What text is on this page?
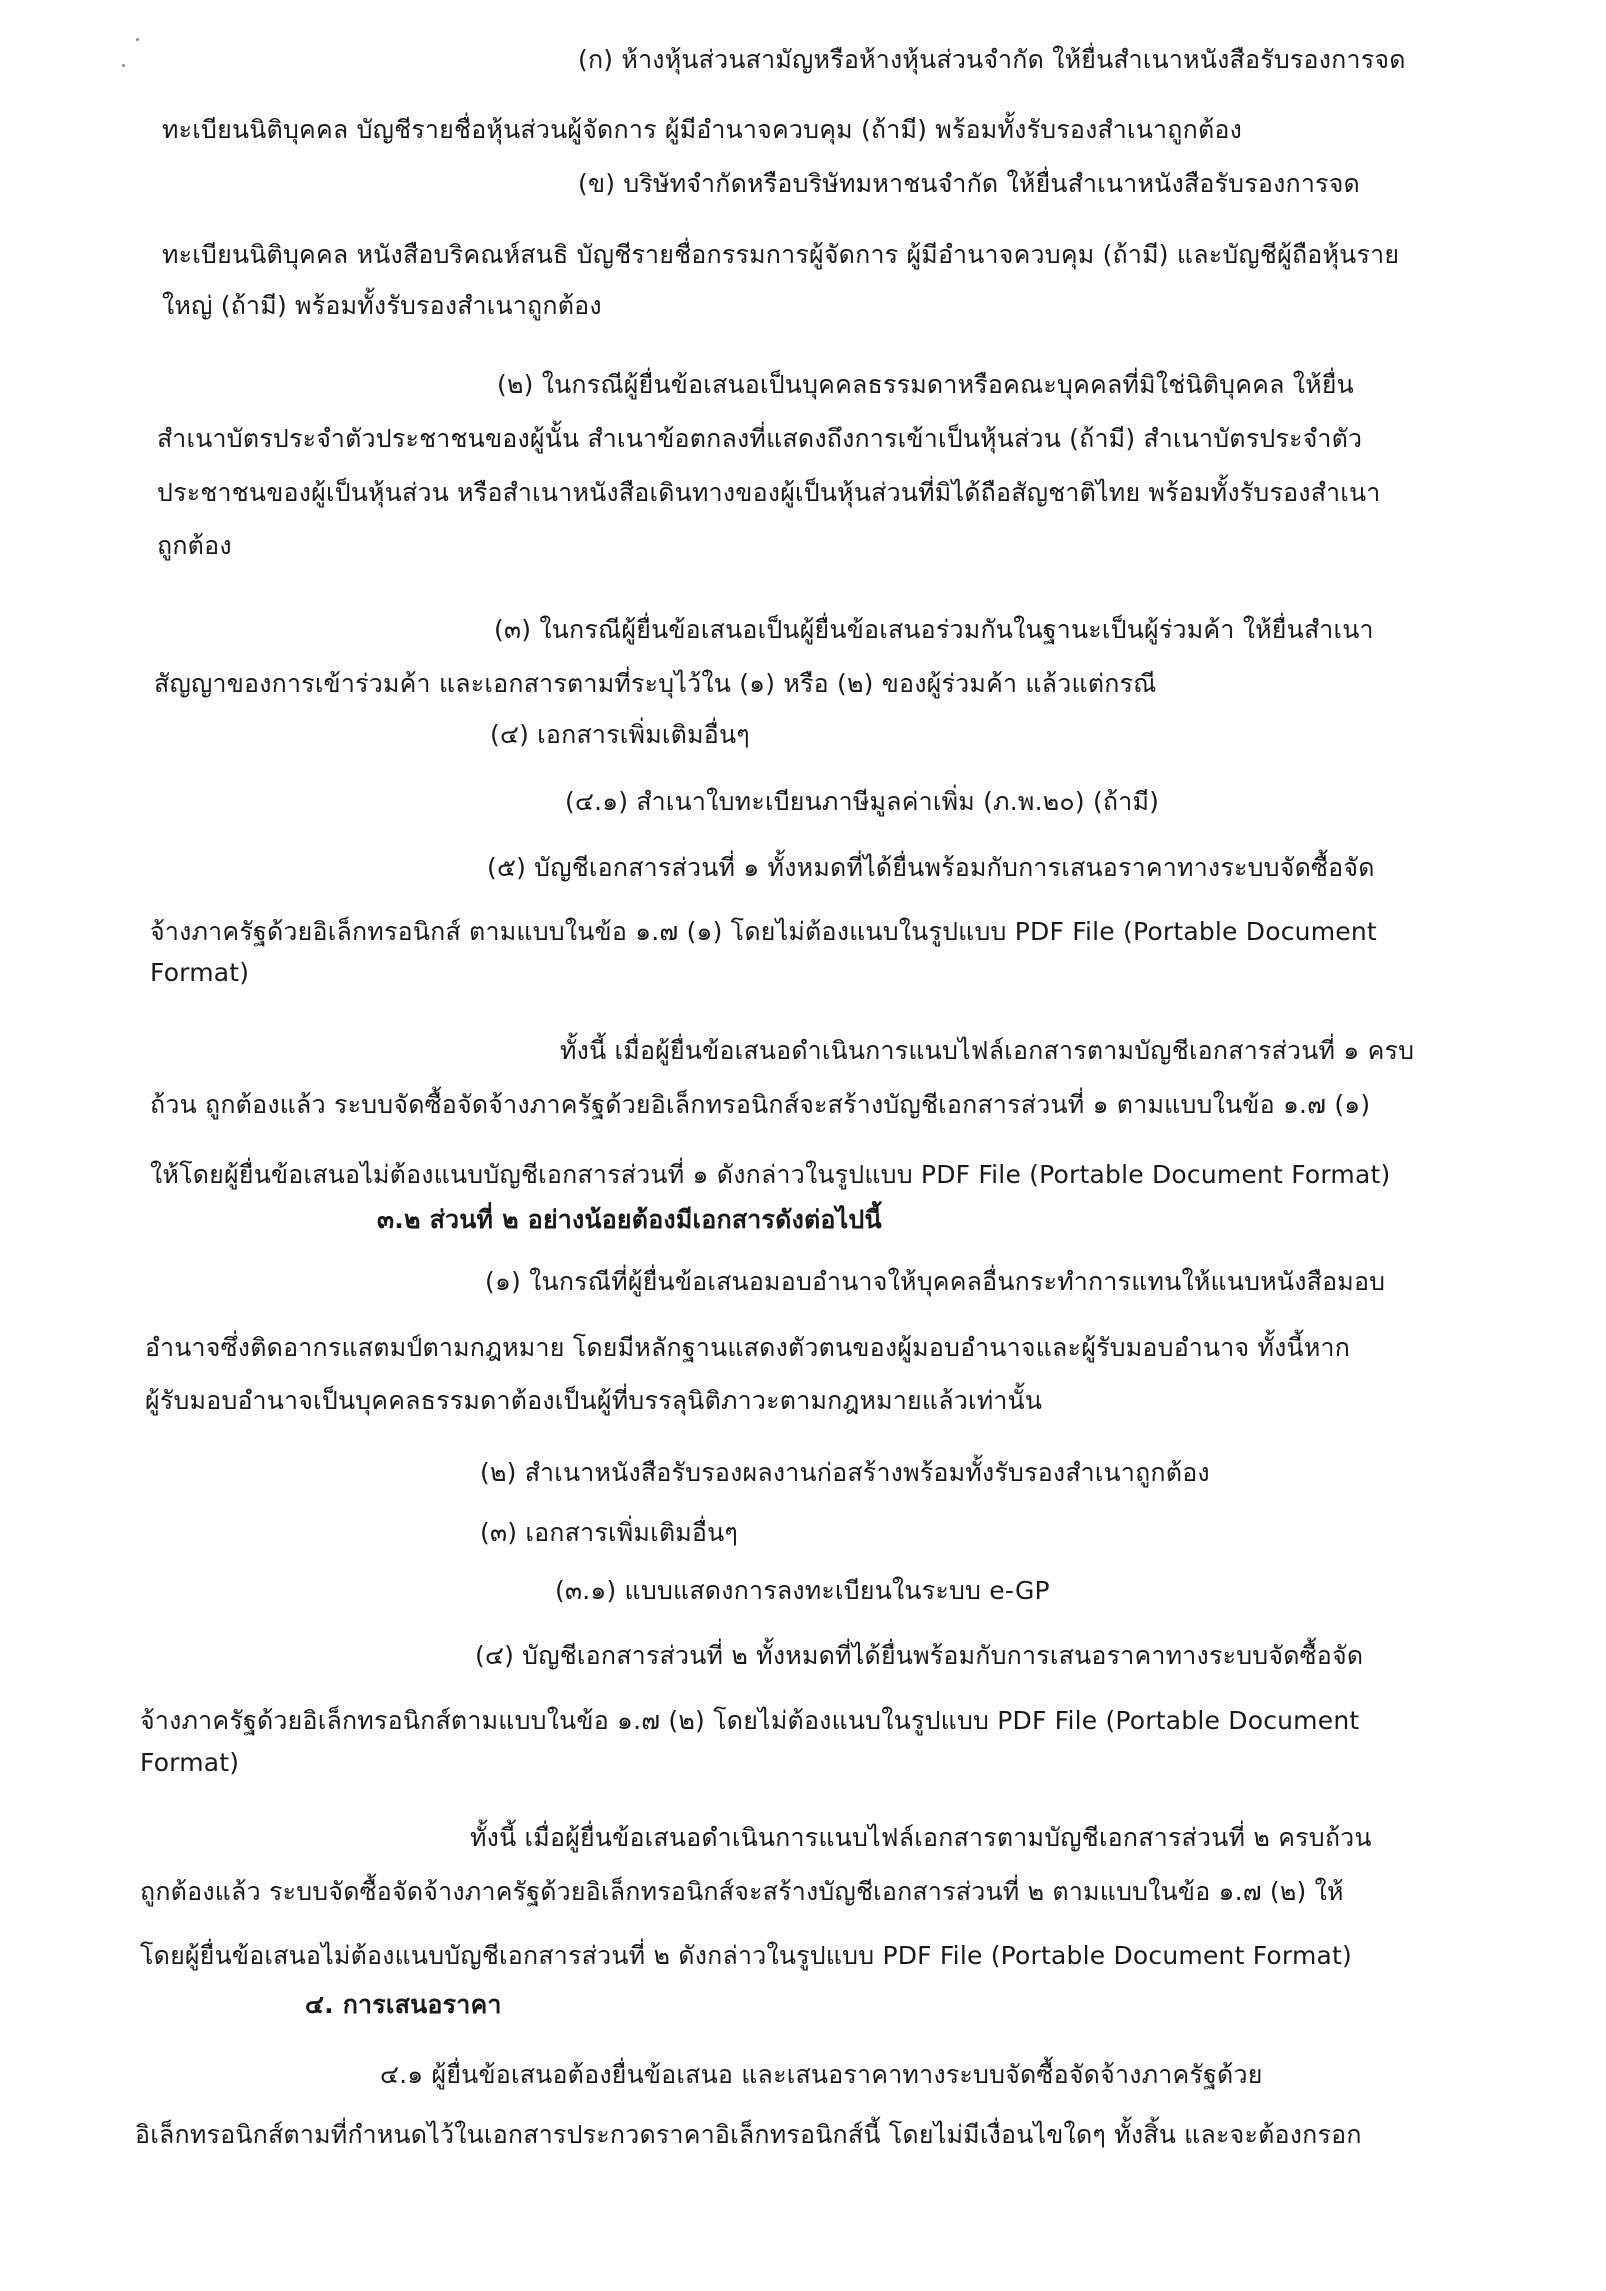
(ก) ห้างหุ้นส่วนสามัญหรือห้างหุ้นส่วนจำกัด ให้ยื่นสำเนาหนังสือรับรองการจด
ทะเบียนนิติบุคคล บัญชีรายชื่อหุ้นส่วนผู้จัดการ ผู้มีอำนาจควบคุม (ถ้ามี) พร้อมทั้งรับรองสำเนาถูกต้อง
(ข) บริษัทจำกัดหรือบริษัทมหาชนจำกัด ให้ยื่นสำเนาหนังสือรับรองการจด
ทะเบียนนิติบุคคล หนังสือบริคณห์สนธิ บัญชีรายชื่อกรรมการผู้จัดการ ผู้มีอำนาจควบคุม (ถ้ามี) และบัญชีผู้ถือหุ้นราย
ใหญ่ (ถ้ามี) พร้อมทั้งรับรองสำเนาถูกต้อง
(๒) ในกรณีผู้ยื่นข้อเสนอเป็นบุคคลธรรมดาหรือคณะบุคคลที่มิใช่นิติบุคคล ให้ยื่น
สำเนาบัตรประจำตัวประชาชนของผู้นั้น สำเนาข้อตกลงที่แสดงถึงการเข้าเป็นหุ้นส่วน (ถ้ามี) สำเนาบัตรประจำตัว
ประชาชนของผู้เป็นหุ้นส่วน หรือสำเนาหนังสือเดินทางของผู้เป็นหุ้นส่วนที่มิได้ถือสัญชาติไทย พร้อมทั้งรับรองสำเนา
ถูกต้อง
(๓) ในกรณีผู้ยื่นข้อเสนอเป็นผู้ยื่นข้อเสนอร่วมกันในฐานะเป็นผู้ร่วมค้า ให้ยื่นสำเนา
สัญญาของการเข้าร่วมค้า และเอกสารตามที่ระบุไว้ใน (๑) หรือ (๒) ของผู้ร่วมค้า แล้วแต่กรณี
(๔) เอกสารเพิ่มเติมอื่นๆ
(๔.๑) สำเนาใบทะเบียนภาษีมูลค่าเพิ่ม (ภ.พ.๒๐) (ถ้ามี)
(๕) บัญชีเอกสารส่วนที่ ๑ ทั้งหมดที่ได้ยื่นพร้อมกับการเสนอราคาทางระบบจัดซื้อจัด
จ้างภาครัฐด้วยอิเล็กทรอนิกส์ ตามแบบในข้อ ๑.๗ (๑) โดยไม่ต้องแนบในรูปแบบ PDF File (Portable Document
Format)
ทั้งนี้ เมื่อผู้ยื่นข้อเสนอดำเนินการแนบไฟล์เอกสารตามบัญชีเอกสารส่วนที่ ๑ ครบ
ถ้วน ถูกต้องแล้ว ระบบจัดซื้อจัดจ้างภาครัฐด้วยอิเล็กทรอนิกส์จะสร้างบัญชีเอกสารส่วนที่ ๑ ตามแบบในข้อ ๑.๗ (๑)
ให้โดยผู้ยื่นข้อเสนอไม่ต้องแนบบัญชีเอกสารส่วนที่ ๑ ดังกล่าวในรูปแบบ PDF File (Portable Document Format)
๓.๒ ส่วนที่ ๒ อย่างน้อยต้องมีเอกสารดังต่อไปนี้
(๑) ในกรณีที่ผู้ยื่นข้อเสนอมอบอำนาจให้บุคคลอื่นกระทำการแทนให้แนบหนังสือมอบ
อำนาจซึ่งติดอากรแสตมป์ตามกฎหมาย โดยมีหลักฐานแสดงตัวตนของผู้มอบอำนาจและผู้รับมอบอำนาจ ทั้งนี้หาก
ผู้รับมอบอำนาจเป็นบุคคลธรรมดาต้องเป็นผู้ที่บรรลุนิติภาวะตามกฎหมายแล้วเท่านั้น
(๒) สำเนาหนังสือรับรองผลงานก่อสร้างพร้อมทั้งรับรองสำเนาถูกต้อง
(๓) เอกสารเพิ่มเติมอื่นๆ
(๓.๑) แบบแสดงการลงทะเบียนในระบบ e-GP
(๔) บัญชีเอกสารส่วนที่ ๒ ทั้งหมดที่ได้ยื่นพร้อมกับการเสนอราคาทางระบบจัดซื้อจัด
จ้างภาครัฐด้วยอิเล็กทรอนิกส์ตามแบบในข้อ ๑.๗ (๒) โดยไม่ต้องแนบในรูปแบบ PDF File (Portable Document
Format)
ทั้งนี้ เมื่อผู้ยื่นข้อเสนอดำเนินการแนบไฟล์เอกสารตามบัญชีเอกสารส่วนที่ ๒ ครบถ้วน
ถูกต้องแล้ว ระบบจัดซื้อจัดจ้างภาครัฐด้วยอิเล็กทรอนิกส์จะสร้างบัญชีเอกสารส่วนที่ ๒ ตามแบบในข้อ ๑.๗ (๒) ให้
โดยผู้ยื่นข้อเสนอไม่ต้องแนบบัญชีเอกสารส่วนที่ ๒ ดังกล่าวในรูปแบบ PDF File (Portable Document Format)
๔. การเสนอราคา
๔.๑ ผู้ยื่นข้อเสนอต้องยื่นข้อเสนอ และเสนอราคาทางระบบจัดซื้อจัดจ้างภาครัฐด้วย
อิเล็กทรอนิกส์ตามที่กำหนดไว้ในเอกสารประกวดราคาอิเล็กทรอนิกส์นี้ โดยไม่มีเงื่อนไขใดๆ ทั้งสิ้น และจะต้องกรอก
